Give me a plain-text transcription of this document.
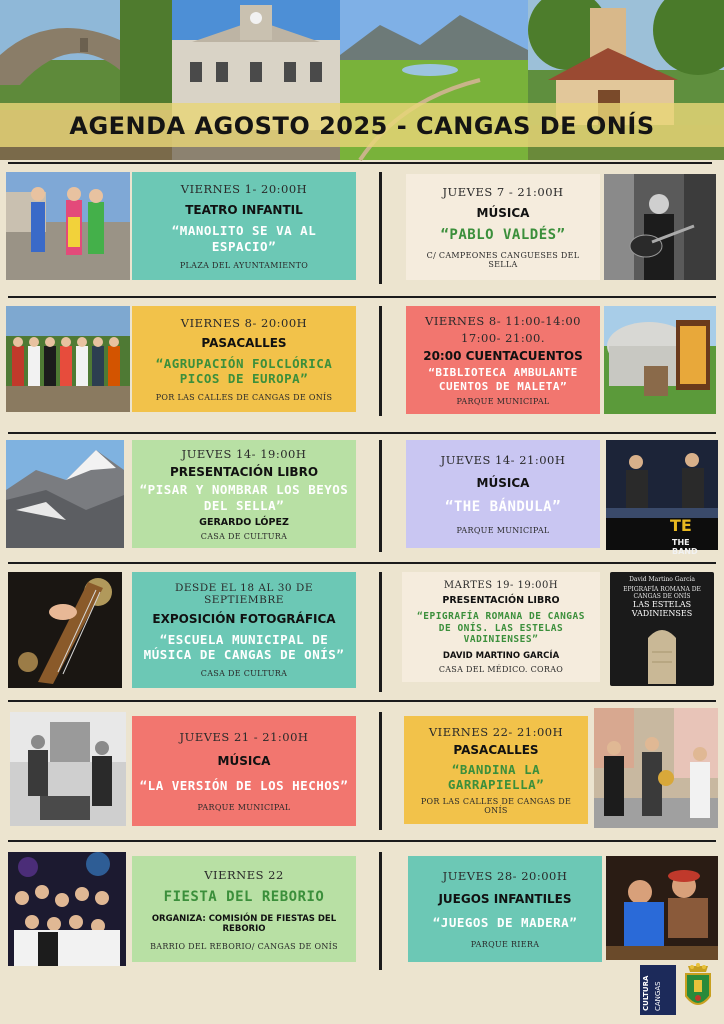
AGENDA AGOSTO 2025 - CANGAS DE ONÍS
VIERNES 1- 20:00H
TEATRO INFANTIL
“MANOLITO SE VA AL ESPACIO”
PLAZA DEL AYUNTAMIENTO
JUEVES 7 - 21:00H
MÚSICA
“PABLO VALDÉS”
C/ CAMPEONES CANGUESES DEL SELLA
VIERNES 8- 20:00H
PASACALLES
“AGRUPACIÓN FOLCLÓRICA PICOS DE EUROPA”
POR LAS CALLES DE CANGAS DE ONÍS
VIERNES 8- 11:00-14:00
17:00- 21:00.
20:00 CUENTACUENTOS
“BIBLIOTECA AMBULANTE CUENTOS DE MALETA”
PARQUE MUNICIPAL
JUEVES 14- 19:00H
PRESENTACIÓN LIBRO
“PISAR Y NOMBRAR LOS BEYOS DEL SELLA”
GERARDO LÓPEZ
CASA DE CULTURA
JUEVES 14- 21:00H
MÚSICA
“THE BÁNDULA”
PARQUE MUNICIPAL	TE
THE BAND
DESDE EL 18 AL 30 DE SEPTIEMBRE
EXPOSICIÓN FOTOGRÁFICA
“ESCUELA MUNICIPAL DE MÚSICA DE CANGAS DE ONÍS”
CASA DE CULTURA
MARTES 19- 19:00H
PRESENTACIÓN LIBRO
“EPIGRAFÍA ROMANA DE CANGAS DE ONÍS. LAS ESTELAS VADINIENSES”
DAVID MARTINO GARCÍA
CASA DEL MÉDICO. CORAO
David Martino García
EPIGRAFÍA ROMANA DE CANGAS DE ONÍS
LAS ESTELAS VADINIENSES
JUEVES 21 - 21:00H
MÚSICA
“LA VERSIÓN DE LOS HECHOS”
PARQUE MUNICIPAL
VIERNES 22- 21:00H
PASACALLES
“BANDINA LA GARRAPIELLA”
POR LAS CALLES DE CANGAS DE ONÍS
VIERNES 22
FIESTA DEL REBORIO
ORGANIZA: COMISIÓN DE FIESTAS DEL REBORIO
BARRIO DEL REBORIO/ CANGAS DE ONÍS
JUEVES 28- 20:00H
JUEGOS INFANTILES
“JUEGOS DE MADERA”
PARQUE RIERA
CULTURA CANGAS
